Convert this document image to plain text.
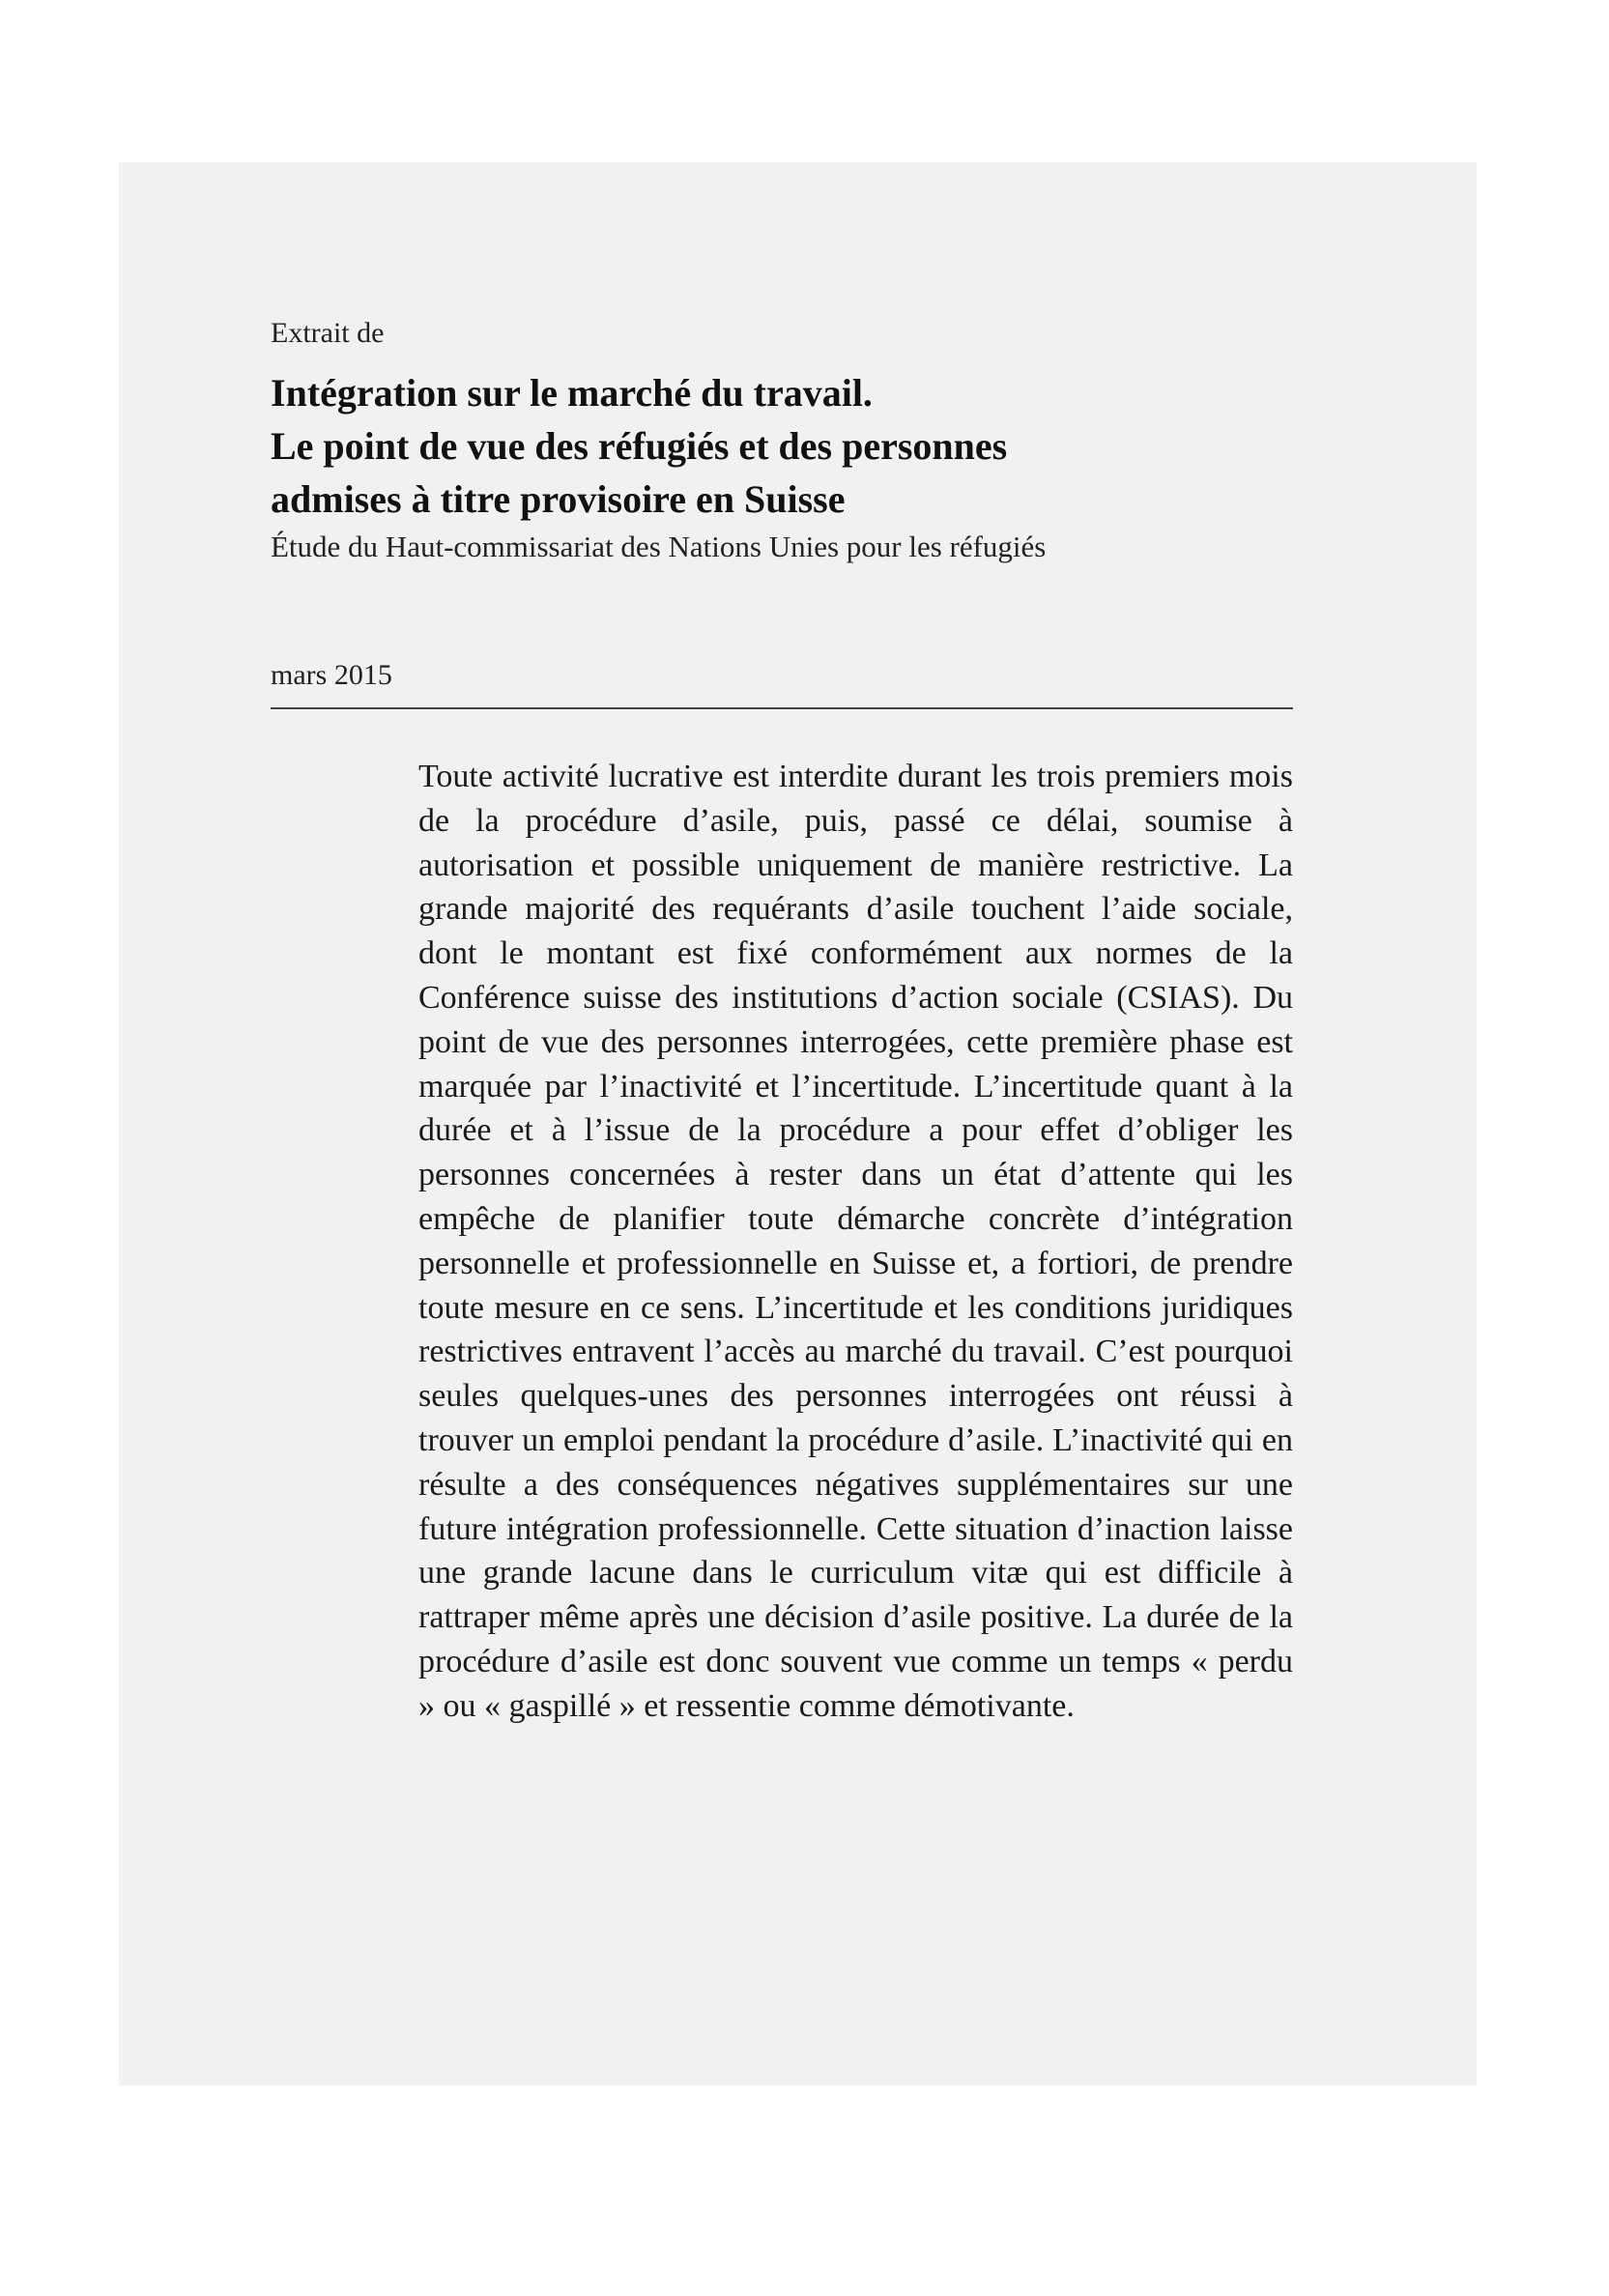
Extrait de

Intégration sur le marché du travail.
Le point de vue des réfugiés et des personnes
admises à titre provisoire en Suisse

Étude du Haut-commissariat des Nations Unies pour les réfugiés

mars 2015

Toute activité lucrative est interdite durant les trois premiers mois de la procédure d’asile, puis, passé ce délai, soumise à autorisation et possible uniquement de manière restrictive. La grande majorité des requérants d’asile touchent l’aide sociale, dont le montant est fixé conformément aux normes de la Conférence suisse des institutions d’action sociale (CSIAS). Du point de vue des personnes interrogées, cette première phase est marquée par l’inactivité et l’incertitude. L’incertitude quant à la durée et à l’issue de la procédure a pour effet d’obliger les personnes concernées à rester dans un état d’attente qui les empêche de planifier toute démarche concrète d’intégration personnelle et professionnelle en Suisse et, a fortiori, de prendre toute mesure en ce sens. L’incertitude et les conditions juridiques restrictives entravent l’accès au marché du travail. C’est pourquoi seules quelques-unes des personnes interrogées ont réussi à trouver un emploi pendant la procédure d’asile. L’inactivité qui en résulte a des conséquences négatives supplémentaires sur une future intégration professionnelle. Cette situation d’inaction laisse une grande lacune dans le curriculum vitæ qui est difficile à rattraper même après une décision d’asile positive. La durée de la procédure d’asile est donc souvent vue comme un temps « perdu » ou « gaspillé » et ressentie comme démotivante.
